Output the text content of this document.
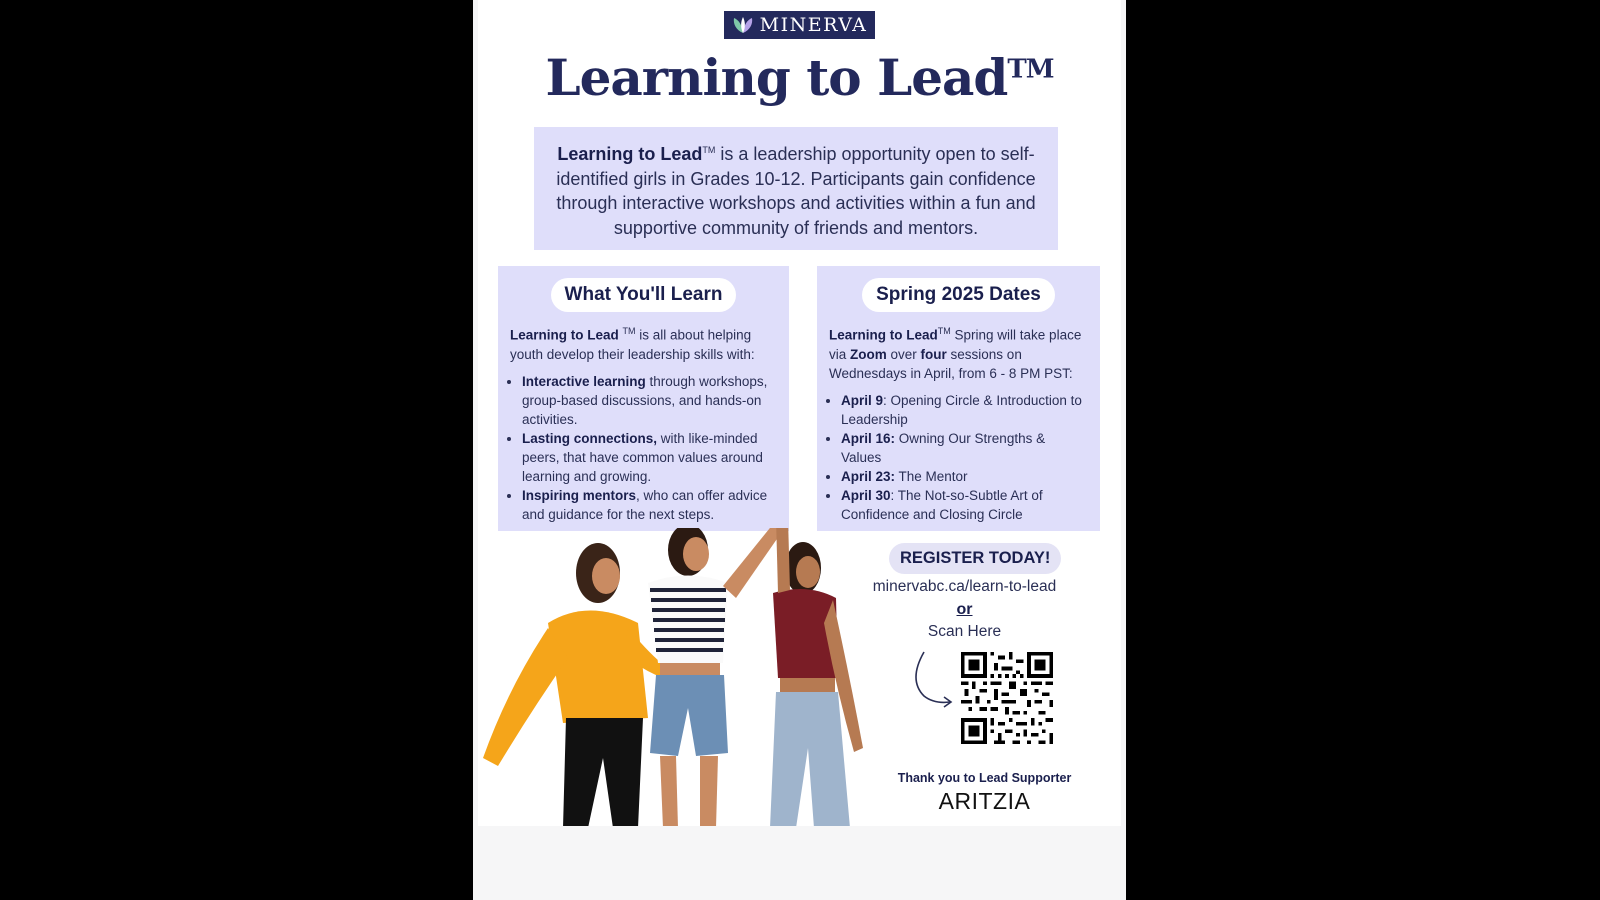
MINERVA
Learning to Lead™
Learning to Lead™ is a leadership opportunity open to self-identified girls in Grades 10-12. Participants gain confidence through interactive workshops and activities within a fun and supportive community of friends and mentors.
What You'll Learn

Learning to Lead ™ is all about helping youth develop their leadership skills with:

• Interactive learning through workshops, group-based discussions, and hands-on activities.
• Lasting connections, with like-minded peers, that have common values around learning and growing.
• Inspiring mentors, who can offer advice and guidance for the next steps.
Spring 2025 Dates

Learning to Lead™ Spring will take place via Zoom over four sessions on Wednesdays in April, from 6 - 8 PM PST:

• April 9: Opening Circle & Introduction to Leadership
• April 16: Owning Our Strengths & Values
• April 23: The Mentor
• April 30: The Not-so-Subtle Art of Confidence and Closing Circle
REGISTER TODAY!
minervabc.ca/learn-to-lead
or
Scan Here
Thank you to Lead Supporter
ARITZIA
